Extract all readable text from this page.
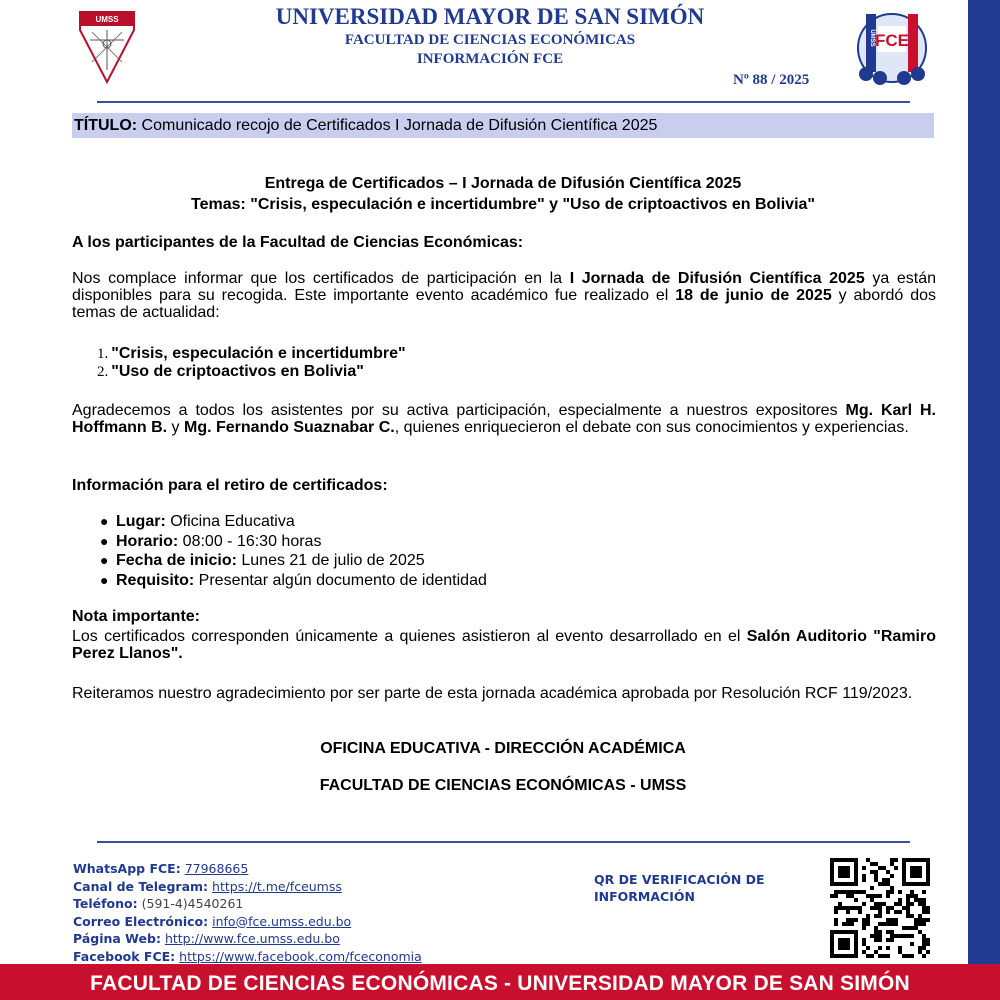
UMSS
FCE
UMSS
UNIVERSIDAD MAYOR DE SAN SIMÓN
FACULTAD DE CIENCIAS ECONÓMICAS
INFORMACIÓN FCE
Nº 88 / 2025
TÍTULO: Comunicado recojo de Certificados I Jornada de Difusión Científica 2025
Entrega de Certificados – I Jornada de Difusión Científica 2025
Temas: "Crisis, especulación e incertidumbre" y "Uso de criptoactivos en Bolivia"
A los participantes de la Facultad de Ciencias Económicas:
Nos complace informar que los certificados de participación en la I Jornada de Difusión Científica 2025 ya están disponibles para su recogida. Este importante evento académico fue realizado el 18 de junio de 2025 y abordó dos temas de actualidad:
1. "Crisis, especulación e incertidumbre"
2. "Uso de criptoactivos en Bolivia"
Agradecemos a todos los asistentes por su activa participación, especialmente a nuestros expositores Mg. Karl H. Hoffmann B. y Mg. Fernando Suaznabar C., quienes enriquecieron el debate con sus conocimientos y experiencias.
Información para el retiro de certificados:
● Lugar: Oficina Educativa
● Horario: 08:00 - 16:30 horas
● Fecha de inicio: Lunes 21 de julio de 2025
● Requisito: Presentar algún documento de identidad
Nota importante:
Los certificados corresponden únicamente a quienes asistieron al evento desarrollado en el Salón Auditorio "Ramiro Perez Llanos".
Reiteramos nuestro agradecimiento por ser parte de esta jornada académica aprobada por Resolución RCF 119/2023.
OFICINA EDUCATIVA - DIRECCIÓN ACADÉMICA
FACULTAD DE CIENCIAS ECONÓMICAS - UMSS
WhatsApp FCE: 77968665
Canal de Telegram: https://t.me/fceumss
Teléfono: (591-4)4540261
Correo Electrónico: info@fce.umss.edu.bo
Página Web: http://www.fce.umss.edu.bo
Facebook FCE: https://www.facebook.com/fceconomia
QR DE VERIFICACIÓN DE INFORMACIÓN
FACULTAD DE CIENCIAS ECONÓMICAS - UNIVERSIDAD MAYOR DE SAN SIMÓN
